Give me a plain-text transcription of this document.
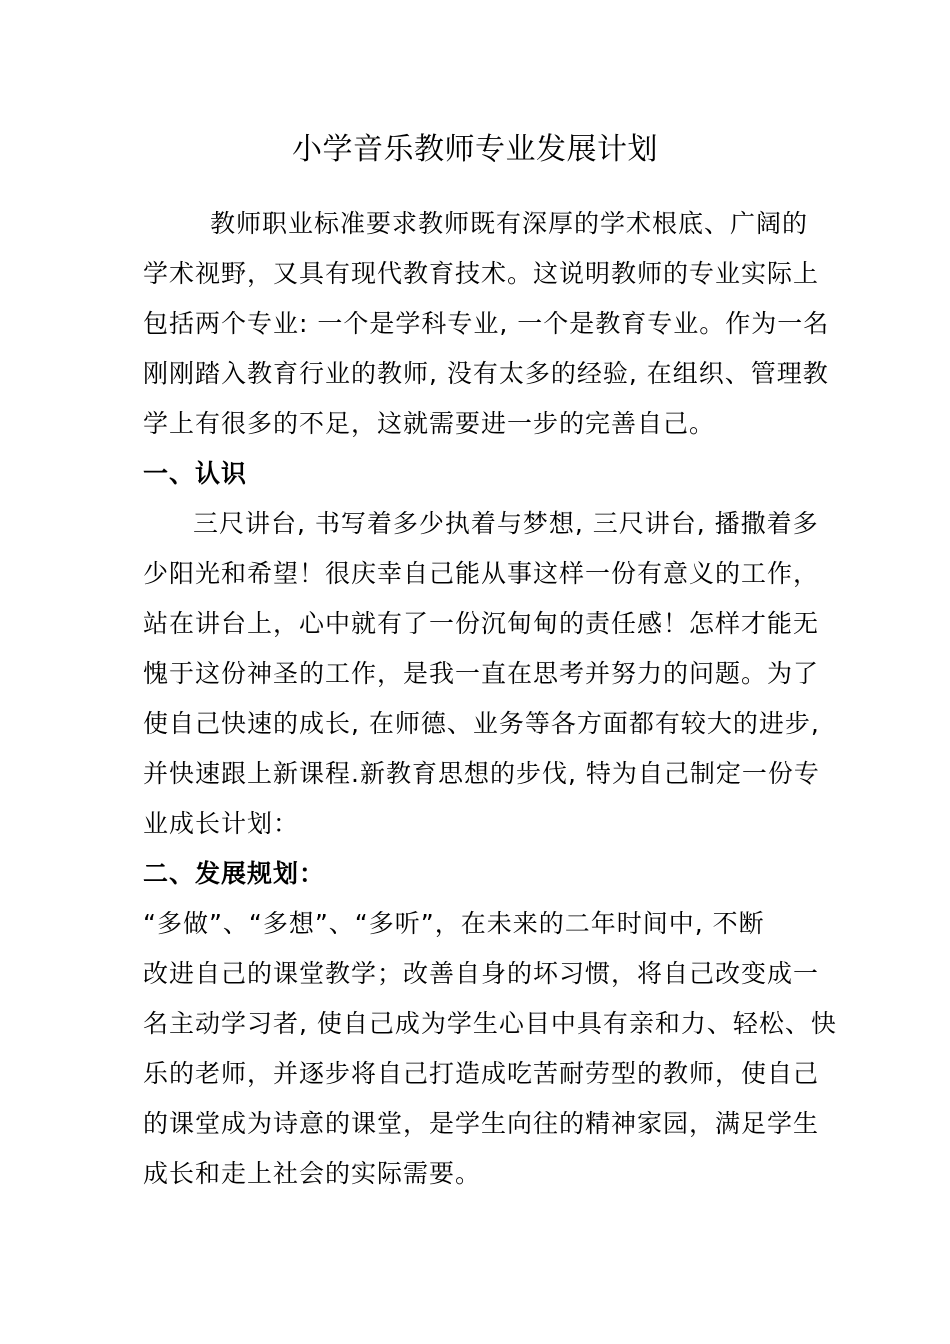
小学音乐教师专业发展计划
教师职业标准要求教师既有深厚的学术根底、广阔的
学术视野，又具有现代教育技术。这说明教师的专业实际上
包括两个专业: 一个是学科专业, 一个是教育专业。作为一名
刚刚踏入教育行业的教师, 没有太多的经验, 在组织、管理教
学上有很多的不足，这就需要进一步的完善自己。
一、认识
三尺讲台, 书写着多少执着与梦想, 三尺讲台, 播撒着多
少阳光和希望！很庆幸自己能从事这样一份有意义的工作，
站在讲台上，心中就有了一份沉甸甸的责任感！怎样才能无
愧于这份神圣的工作，是我一直在思考并努力的问题。为了
使自己快速的成长, 在师德、业务等各方面都有较大的进步,
并快速跟上新课程.新教育思想的步伐, 特为自己制定一份专
业成长计划：
二、发展规划：
“多做”、“多想”、“多听”，在未来的二年时间中, 不断
改进自己的课堂教学；改善自身的坏习惯，将自己改变成一
名主动学习者, 使自己成为学生心目中具有亲和力、轻松、快
乐的老师，并逐步将自己打造成吃苦耐劳型的教师，使自己
的课堂成为诗意的课堂，是学生向往的精神家园，满足学生
成长和走上社会的实际需要。
